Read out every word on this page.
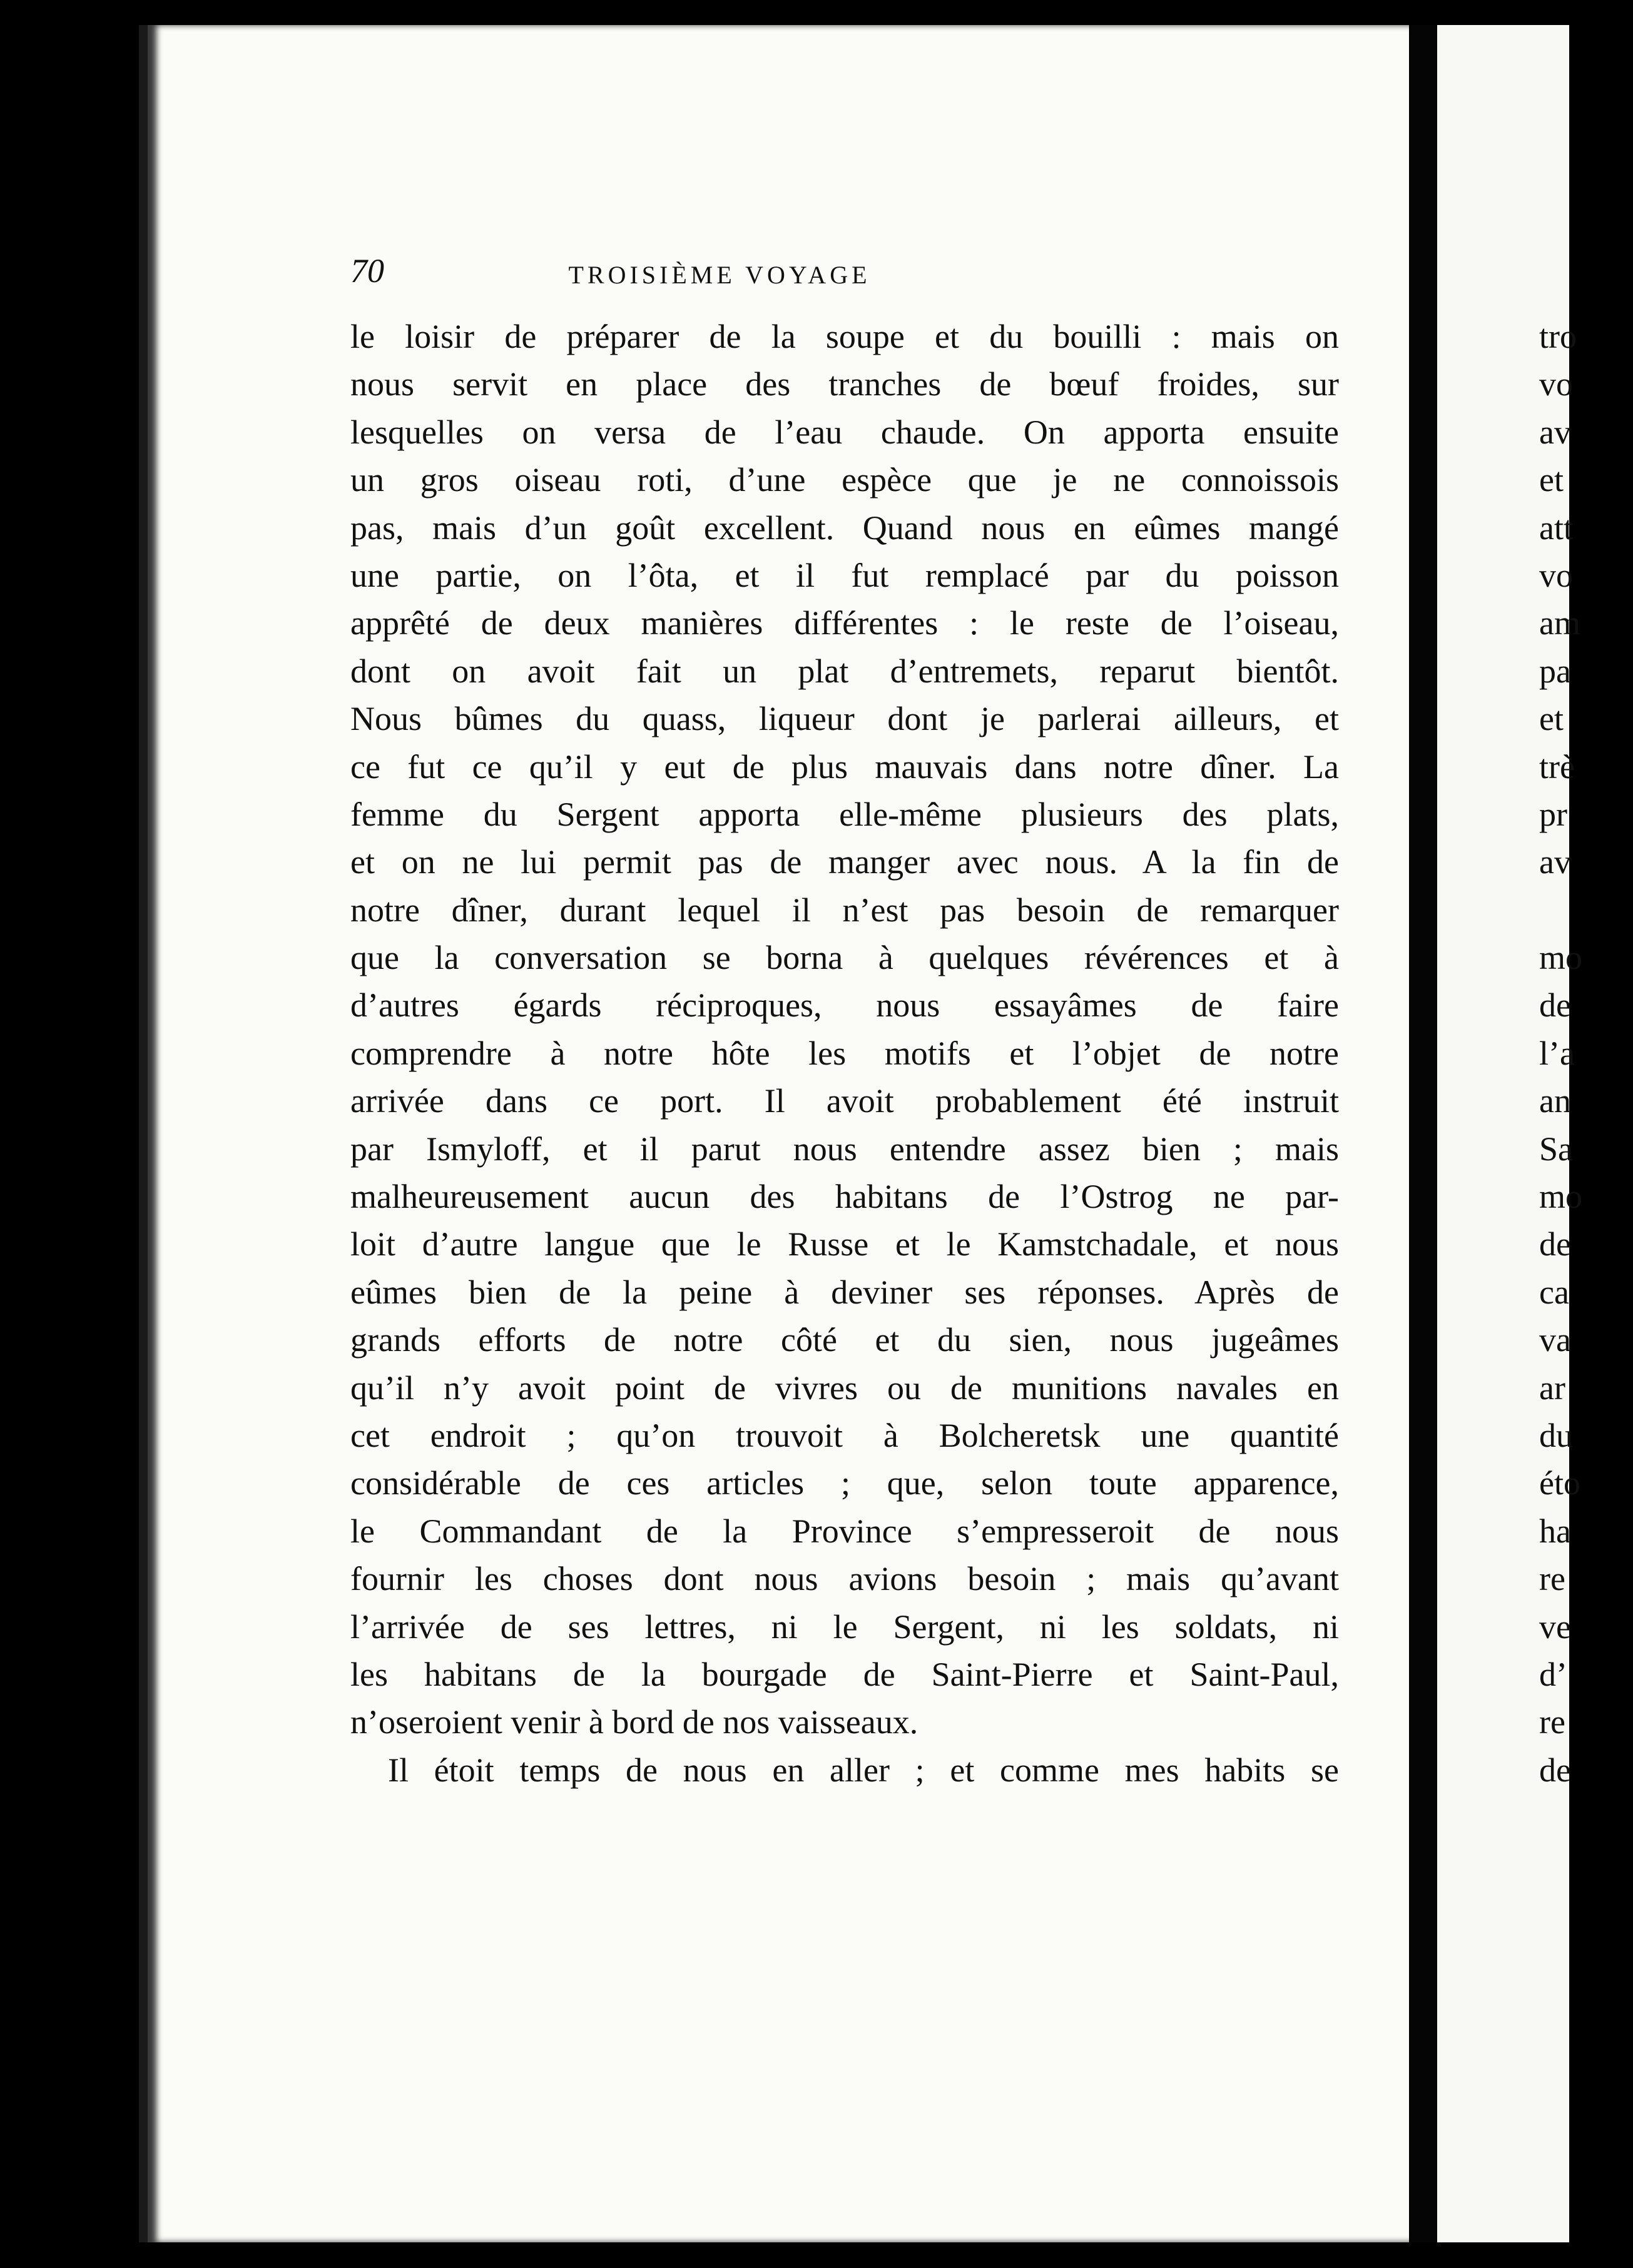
70	TROISIÈME VOYAGE
le loisir de préparer de la soupe et du bouilli : mais on
nous servit en place des tranches de bœuf froides, sur
lesquelles on versa de l’eau chaude. On apporta ensuite
un gros oiseau roti, d’une espèce que je ne connoissois
pas, mais d’un goût excellent. Quand nous en eûmes mangé
une partie, on l’ôta, et il fut remplacé par du poisson
apprêté de deux manières différentes : le reste de l’oiseau,
dont on avoit fait un plat d’entremets, reparut bientôt.
Nous bûmes du quass, liqueur dont je parlerai ailleurs, et
ce fut ce qu’il y eut de plus mauvais dans notre dîner. La
femme du Sergent apporta elle-même plusieurs des plats,
et on ne lui permit pas de manger avec nous. A la fin de
notre dîner, durant lequel il n’est pas besoin de remarquer
que la conversation se borna à quelques révérences et à
d’autres égards réciproques, nous essayâmes de faire
comprendre à notre hôte les motifs et l’objet de notre
arrivée dans ce port. Il avoit probablement été instruit
par Ismyloff, et il parut nous entendre assez bien ; mais
malheureusement aucun des habitans de l’Ostrog ne par-
loit d’autre langue que le Russe et le Kamstchadale, et nous
eûmes bien de la peine à deviner ses réponses. Après de
grands efforts de notre côté et du sien, nous jugeâmes
qu’il n’y avoit point de vivres ou de munitions navales en
cet endroit ; qu’on trouvoit à Bolcheretsk une quantité
considérable de ces articles ; que, selon toute apparence,
le Commandant de la Province s’empresseroit de nous
fournir les choses dont nous avions besoin ; mais qu’avant
l’arrivée de ses lettres, ni le Sergent, ni les soldats, ni
les habitans de la bourgade de Saint-Pierre et Saint-Paul,
n’oseroient venir à bord de nos vaisseaux.
Il étoit temps de nous en aller ; et comme mes habits se
tro
vo
av
et
att
vo
am
pa
et
trè
pr
av
mo
de
l’a
an
Sa
mo
de
ca
va
ar
du
éto
ha
re
ve
d’
re
de
